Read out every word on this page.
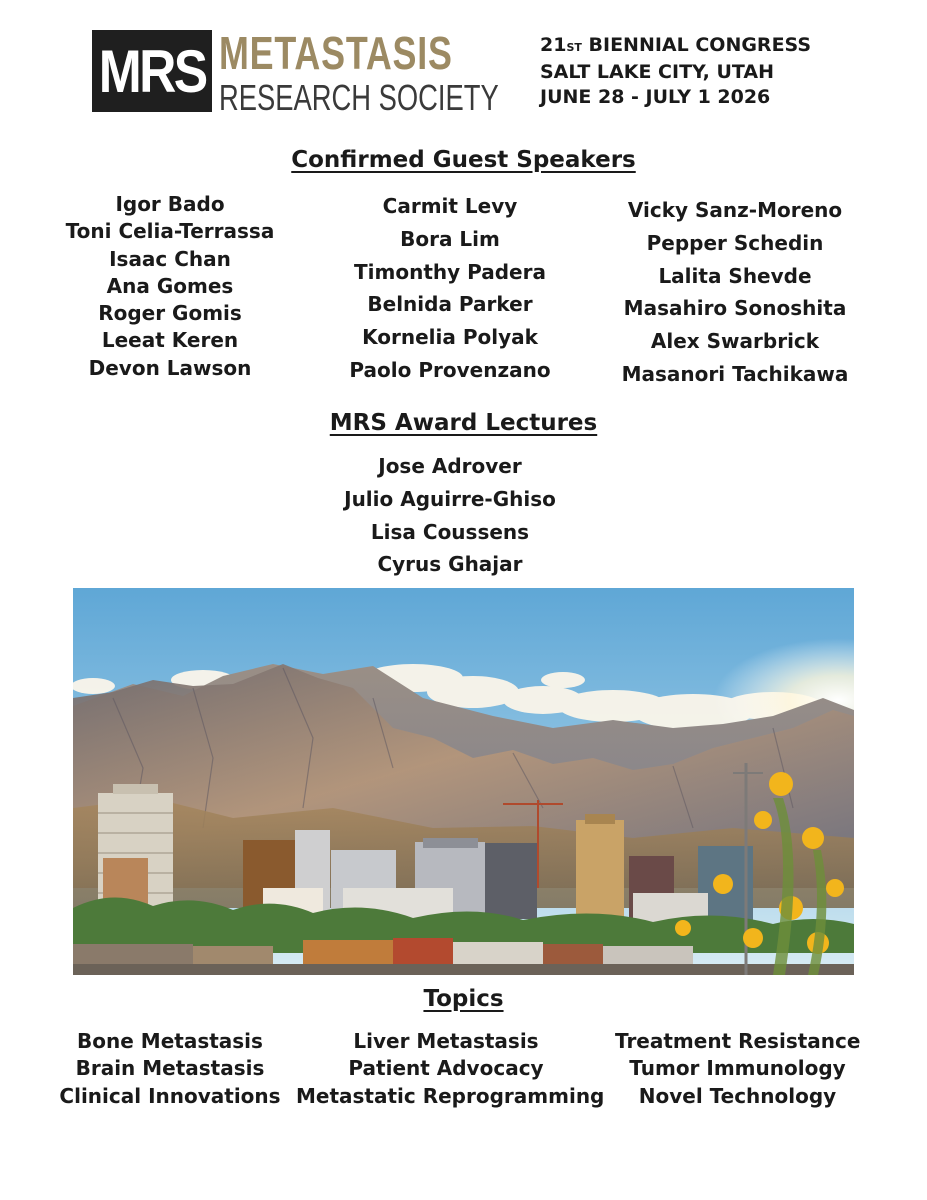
MRS METASTASIS
RESEARCH SOCIETY
21ST BIENNIAL CONGRESS
SALT LAKE CITY, UTAH
JUNE 28 - JULY 1 2026
Confirmed Guest Speakers
Igor Bado
Toni Celia-Terrassa
Isaac Chan
Ana Gomes
Roger Gomis
Leeat Keren
Devon Lawson
Carmit Levy
Bora Lim
Timonthy Padera
Belnida Parker
Kornelia Polyak
Paolo Provenzano
Vicky Sanz-Moreno
Pepper Schedin
Lalita Shevde
Masahiro Sonoshita
Alex Swarbrick
Masanori Tachikawa
MRS Award Lectures
Jose Adrover
Julio Aguirre-Ghiso
Lisa Coussens
Cyrus Ghajar
Topics
Bone Metastasis
Brain Metastasis
Clinical Innovations
Liver Metastasis
Patient Advocacy
Metastatic Reprogramming
Treatment Resistance
Tumor Immunology
Novel Technology
